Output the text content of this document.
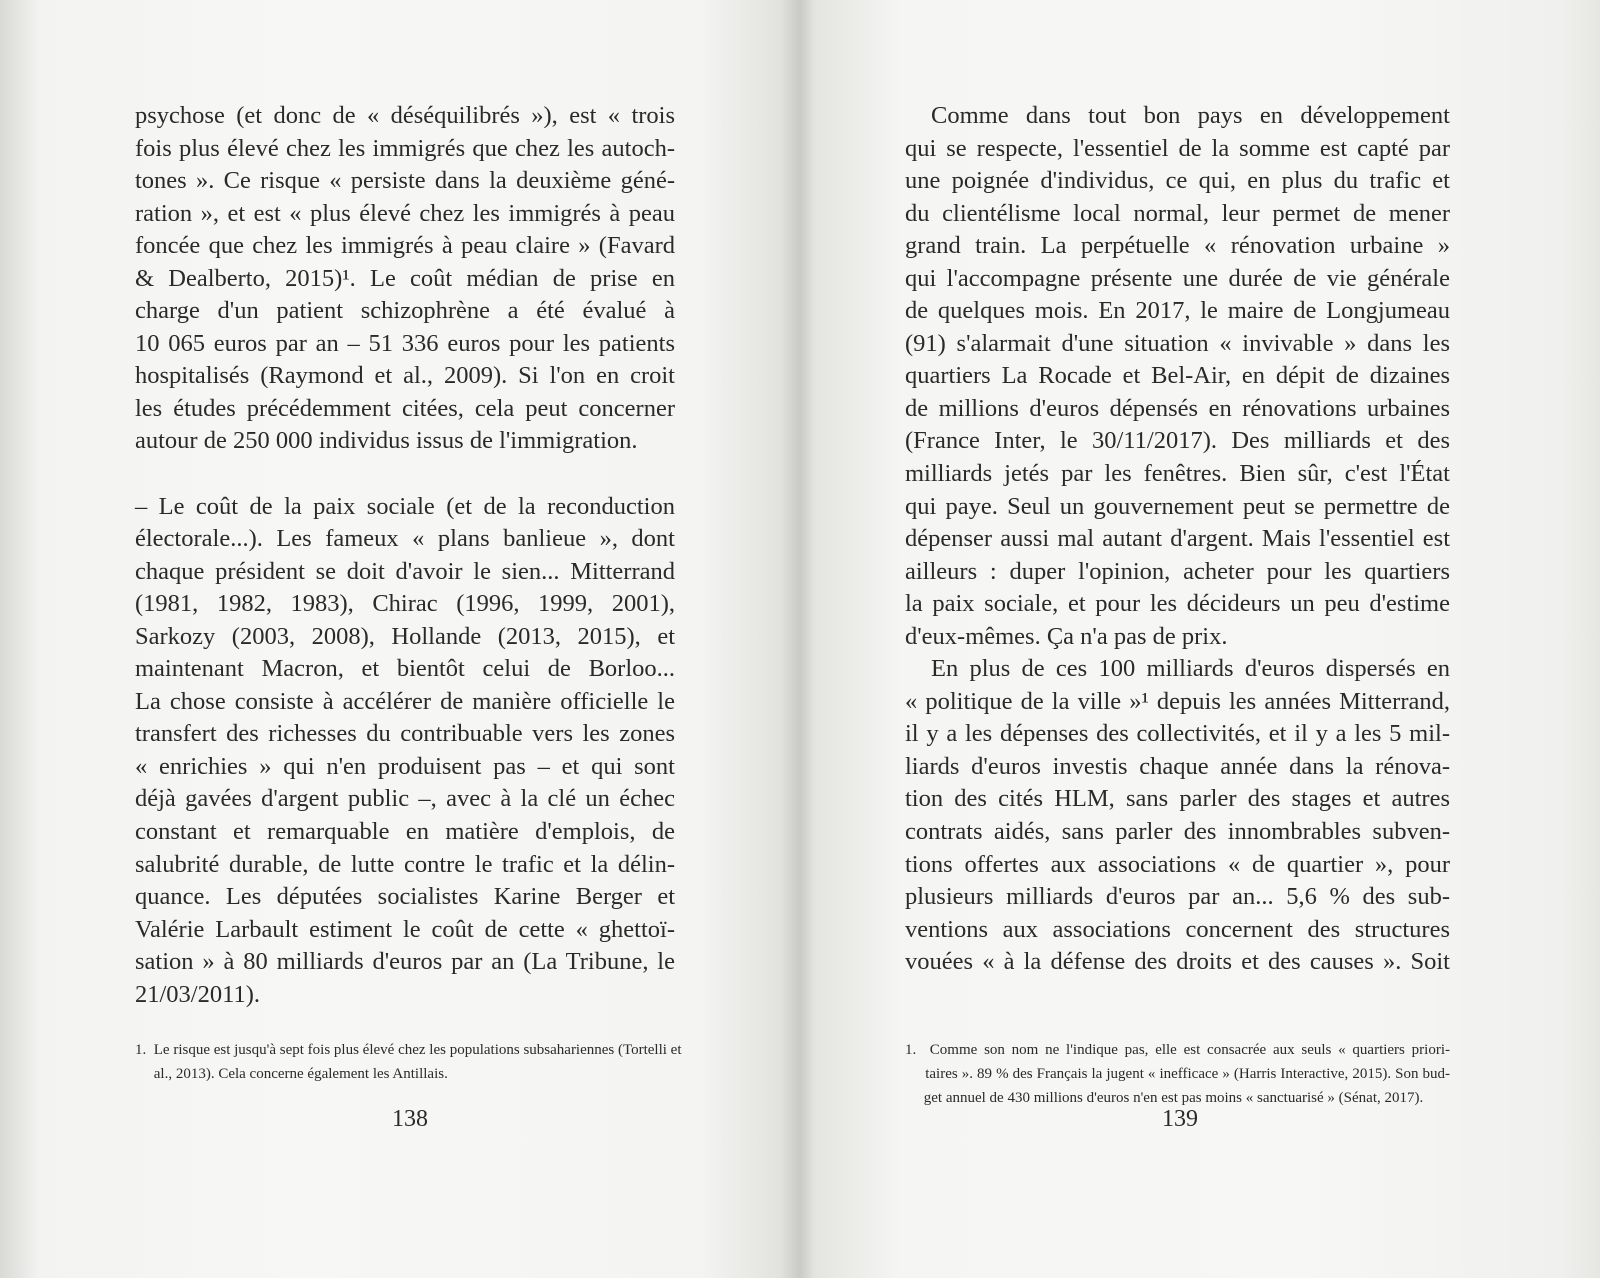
psychose (et donc de « déséquilibrés »), est « trois
fois plus élevé chez les immigrés que chez les autoch-
tones ». Ce risque « persiste dans la deuxième géné-
ration », et est « plus élevé chez les immigrés à peau
foncée que chez les immigrés à peau claire » (Favard
& Dealberto, 2015)¹. Le coût médian de prise en
charge d'un patient schizophrène a été évalué à
10 065 euros par an – 51 336 euros pour les patients
hospitalisés (Raymond et al., 2009). Si l'on en croit
les études précédemment citées, cela peut concerner
autour de 250 000 individus issus de l'immigration.
– Le coût de la paix sociale (et de la reconduction
électorale...). Les fameux « plans banlieue », dont
chaque président se doit d'avoir le sien... Mitterrand
(1981, 1982, 1983), Chirac (1996, 1999, 2001),
Sarkozy (2003, 2008), Hollande (2013, 2015), et
maintenant Macron, et bientôt celui de Borloo...
La chose consiste à accélérer de manière officielle le
transfert des richesses du contribuable vers les zones
« enrichies » qui n'en produisent pas – et qui sont
déjà gavées d'argent public –, avec à la clé un échec
constant et remarquable en matière d'emplois, de
salubrité durable, de lutte contre le trafic et la délin-
quance. Les députées socialistes Karine Berger et
Valérie Larbault estiment le coût de cette « ghettoï-
sation » à 80 milliards d'euros par an (La Tribune, le
21/03/2011).
1.  Le risque est jusqu'à sept fois plus élevé chez les populations subsahariennes (Tortelli et
al., 2013). Cela concerne également les Antillais.
138
Comme dans tout bon pays en développement
qui se respecte, l'essentiel de la somme est capté par
une poignée d'individus, ce qui, en plus du trafic et
du clientélisme local normal, leur permet de mener
grand train. La perpétuelle « rénovation urbaine »
qui l'accompagne présente une durée de vie générale
de quelques mois. En 2017, le maire de Longjumeau
(91) s'alarmait d'une situation « invivable » dans les
quartiers La Rocade et Bel-Air, en dépit de dizaines
de millions d'euros dépensés en rénovations urbaines
(France Inter, le 30/11/2017). Des milliards et des
milliards jetés par les fenêtres. Bien sûr, c'est l'État
qui paye. Seul un gouvernement peut se permettre de
dépenser aussi mal autant d'argent. Mais l'essentiel est
ailleurs : duper l'opinion, acheter pour les quartiers
la paix sociale, et pour les décideurs un peu d'estime
d'eux-mêmes. Ça n'a pas de prix.
En plus de ces 100 milliards d'euros dispersés en
« politique de la ville »¹ depuis les années Mitterrand,
il y a les dépenses des collectivités, et il y a les 5 mil-
liards d'euros investis chaque année dans la rénova-
tion des cités HLM, sans parler des stages et autres
contrats aidés, sans parler des innombrables subven-
tions offertes aux associations « de quartier », pour
plusieurs milliards d'euros par an... 5,6 % des sub-
ventions aux associations concernent des structures
vouées « à la défense des droits et des causes ». Soit
1.  Comme son nom ne l'indique pas, elle est consacrée aux seuls « quartiers priori-
taires ». 89 % des Français la jugent « inefficace » (Harris Interactive, 2015). Son bud-
get annuel de 430 millions d'euros n'en est pas moins « sanctuarisé » (Sénat, 2017).
139
